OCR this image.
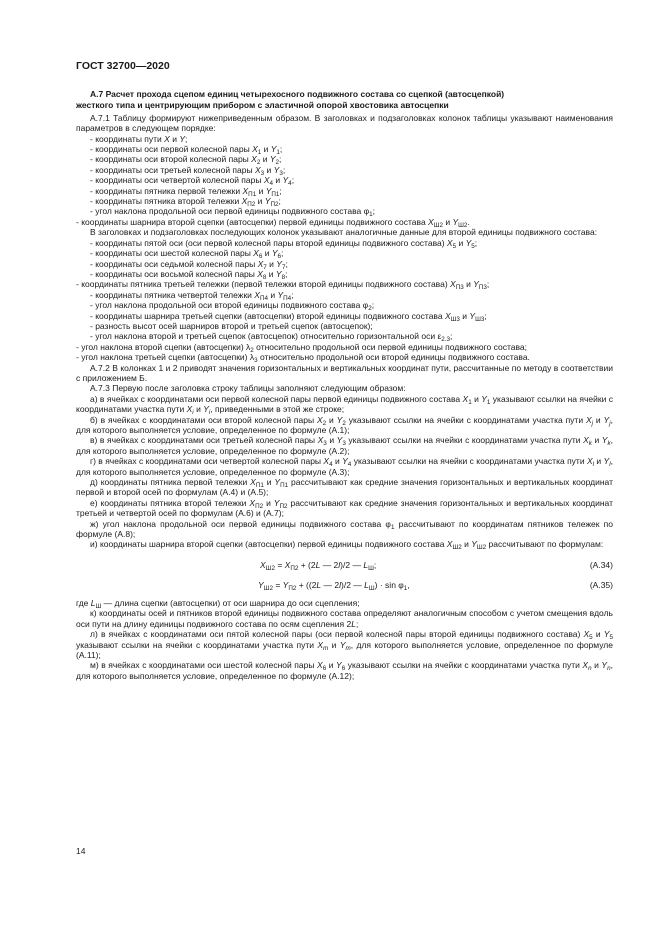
ГОСТ 32700—2020
А.7 Расчет прохода сцепом единиц четырехосного подвижного состава со сцепкой (автосцепкой)
жесткого типа и центрирующим прибором с эластичной опорой хвостовика автосцепки

А.7.1 Таблицу формируют нижеприведенным образом. В заголовках и подзаголовках колонок таблицы указывают наименования параметров в следующем порядке:

- координаты пути X и Y;

- координаты оси первой колесной пары $X_1$ и $Y_1$;

- координаты оси второй колесной пары $X_2$ и $Y_2$;

- координаты оси третьей колесной пары $X_3$ и $Y_3$;

- координаты оси четвертой колесной пары $X_4$ и $Y_4$;

- координаты пятника первой тележки $X_{П1}$ и $Y_{П1}$;

- координаты пятника второй тележки $X_{П2}$ и $Y_{П2}$;

- угол наклона продольной оси первой единицы подвижного состава $\varphi_1$;

- координаты шарнира второй сцепки (автосцепки) первой единицы подвижного состава $X_{Ш2}$ и $Y_{Ш2}$.

В заголовках и подзаголовках последующих колонок указывают аналогичные данные для второй единицы подвижного состава:

- координаты пятой оси (оси первой колесной пары второй единицы подвижного состава) $X_5$ и $Y_5$;

- координаты оси шестой колесной пары $X_6$ и $Y_6$;

- координаты оси седьмой колесной пары $X_7$ и $Y_7$;

- координаты оси восьмой колесной пары $X_8$ и $Y_8$;

- координаты пятника третьей тележки (первой тележки второй единицы подвижного состава) $X_{П3}$ и $Y_{П3}$;

- координаты пятника четвертой тележки $X_{П4}$ и $Y_{П4}$;

- угол наклона продольной оси второй единицы подвижного состава $\varphi_2$;

- координаты шарнира третьей сцепки (автосцепки) второй единицы подвижного состава $X_{Ш3}$ и $Y_{Ш3}$;

- разность высот осей шарниров второй и третьей сцепок (автосцепок);

- угол наклона второй и третьей сцепок (автосцепок) относительно горизонтальной оси $\varepsilon_{2.3}$;

- угол наклона второй сцепки (автосцепки) $\lambda_2$ относительно продольной оси первой единицы подвижного состава;

- угол наклона третьей сцепки (автосцепки) $\lambda_3$ относительно продольной оси второй единицы подвижного состава.

А.7.2 В колонках 1 и 2 приводят значения горизонтальных и вертикальных координат пути, рассчитанные по методу в соответствии с приложением Б.

А.7.3 Первую после заголовка строку таблицы заполняют следующим образом:

а) в ячейках с координатами оси первой колесной пары первой единицы подвижного состава $X_1$ и $Y_1$ указывают ссылки на ячейки с координатами участка пути $X_i$ и $Y_i$, приведенными в этой же строке;

б) в ячейках с координатами оси второй колесной пары $X_2$ и $Y_2$ указывают ссылки на ячейки с координатами участка пути $X_j$ и $Y_j$, для которого выполняется условие, определенное по формуле (А.1);

в) в ячейках с координатами оси третьей колесной пары $X_3$ и $Y_3$ указывают ссылки на ячейки с координатами участка пути $X_k$ и $Y_k$, для которого выполняется условие, определенное по формуле (А.2);

г) в ячейках с координатами оси четвертой колесной пары $X_4$ и $Y_4$ указывают ссылки на ячейки с координатами участка пути $X_l$ и $Y_l$, для которого выполняется условие, определенное по формуле (А.3);

д) координаты пятника первой тележки $X_{П1}$ и $Y_{П1}$ рассчитывают как средние значения горизонтальных и вертикальных координат первой и второй осей по формулам (А.4) и (А.5);

е) координаты пятника второй тележки $X_{П2}$ и $Y_{П2}$ рассчитывают как средние значения горизонтальных и вертикальных координат третьей и четвертой осей по формулам (А.6) и (А.7);

ж) угол наклона продольной оси первой единицы подвижного состава $\varphi_1$ рассчитывают по координатам пятников тележек по формуле (А.8);

и) координаты шарнира второй сцепки (автосцепки) первой единицы подвижного состава $X_{Ш2}$ и $Y_{Ш2}$ рассчитывают по формулам:

$X_{Ш2} = X_{П2} + (2L$ — 2l)/2 — $L_Ш$;	(А.34)
$Y_{Ш2} = Y_{П2} + ((2L$ — 2l)/2 — $L_Ш) \cdot \sin \varphi_1$,	(А.35)

где $L_Ш$ — длина сцепки (автосцепки) от оси шарнира до оси сцепления;

к) координаты осей и пятников второй единицы подвижного состава определяют аналогичным способом с учетом смещения вдоль оси пути на длину единицы подвижного состава по осям сцепления 2L;

л) в ячейках с координатами оси пятой колесной пары (оси первой колесной пары второй единицы подвижного состава) $X_5$ и $Y_5$ указывают ссылки на ячейки с координатами участка пути $X_m$ и $Y_m$, для которого выполняется условие, определенное по формуле (А.11);

м) в ячейках с координатами оси шестой колесной пары $X_6$ и $Y_6$ указывают ссылки на ячейки с координатами участка пути $X_n$ и $Y_n$, для которого выполняется условие, определенное по формуле (А.12);

14
